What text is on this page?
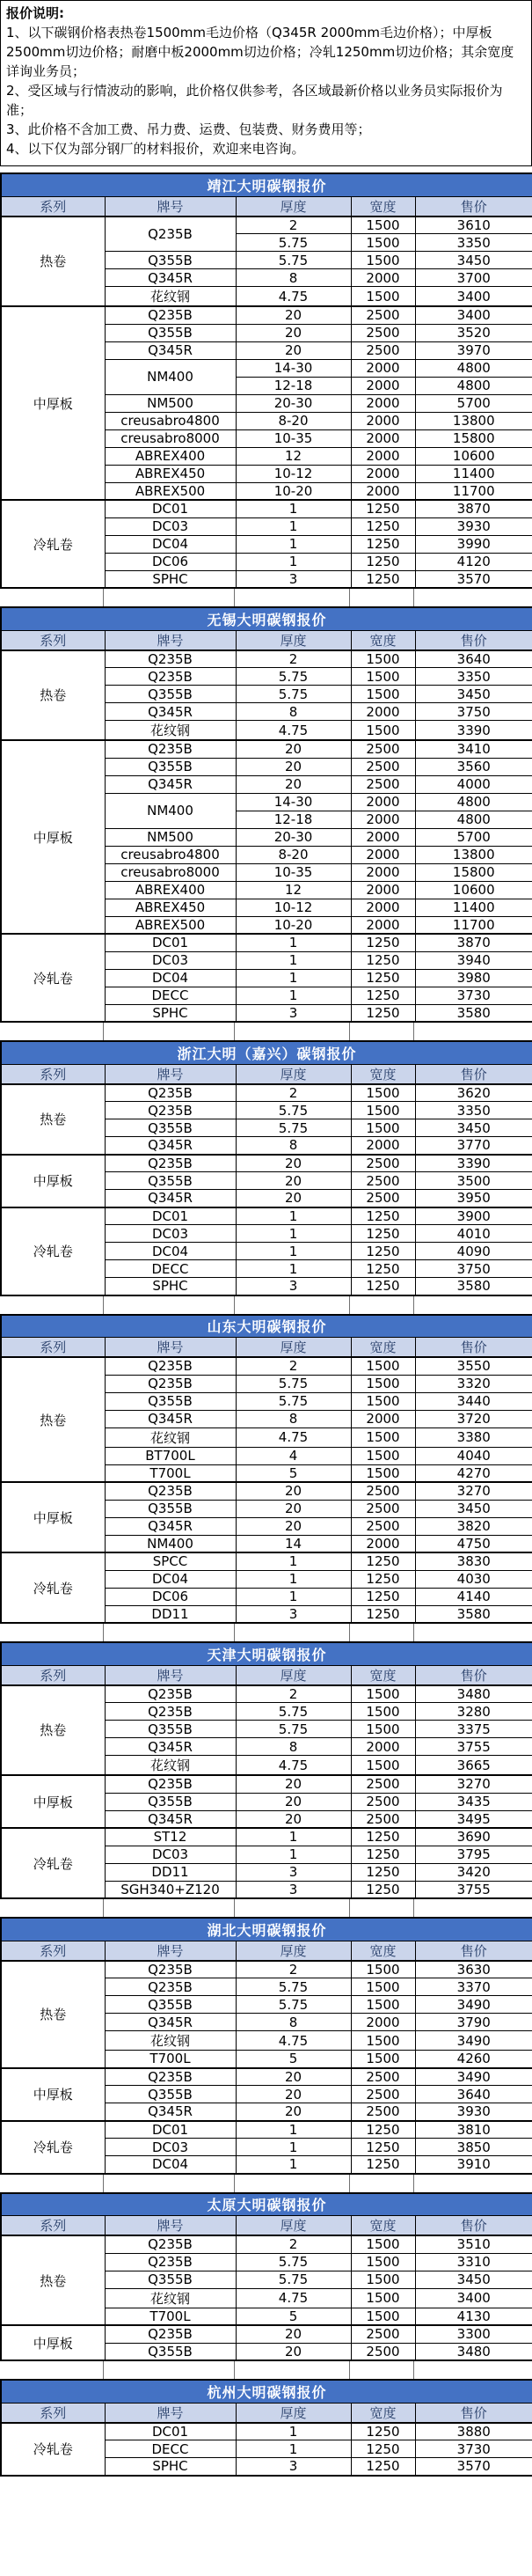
报价说明:
1、以下碳钢价格表热卷1500mm毛边价格（Q345R 2000mm毛边价格）；中厚板2500mm切边价格；耐磨中板2000mm切边价格；冷轧1250mm切边价格；其余宽度详询业务员；
2、受区域与行情波动的影响，此价格仅供参考，各区域最新价格以业务员实际报价为准；
3、此价格不含加工费、吊力费、运费、包装费、财务费用等；
4、以下仅为部分钢厂的材料报价，欢迎来电咨询。
靖江大明碳钢报价				
系列	牌号	厚度	宽度	售价
热卷	Q235B	2	1500	3610
		5.75	1500	3350
	Q355B	5.75	1500	3450
	Q345R	8	2000	3700
	花纹钢	4.75	1500	3400
中厚板	Q235B	20	2500	3400
	Q355B	20	2500	3520
	Q345R	20	2500	3970
	NM400	14-30	2000	4800
		12-18	2000	4800
	NM500	20-30	2000	5700
	creusabro4800	8-20	2000	13800
	creusabro8000	10-35	2000	15800
	ABREX400	12	2000	10600
	ABREX450	10-12	2000	11400
	ABREX500	10-20	2000	11700
冷轧卷	DC01	1	1250	3870
	DC03	1	1250	3930
	DC04	1	1250	3990
	DC06	1	1250	4120
	SPHC	3	1250	3570
无锡大明碳钢报价				
系列	牌号	厚度	宽度	售价
热卷	Q235B	2	1500	3640
	Q235B	5.75	1500	3350
	Q355B	5.75	1500	3450
	Q345R	8	2000	3750
	花纹钢	4.75	1500	3390
中厚板	Q235B	20	2500	3410
	Q355B	20	2500	3560
	Q345R	20	2500	4000
	NM400	14-30	2000	4800
		12-18	2000	4800
	NM500	20-30	2000	5700
	creusabro4800	8-20	2000	13800
	creusabro8000	10-35	2000	15800
	ABREX400	12	2000	10600
	ABREX450	10-12	2000	11400
	ABREX500	10-20	2000	11700
冷轧卷	DC01	1	1250	3870
	DC03	1	1250	3940
	DC04	1	1250	3980
	DECC	1	1250	3730
	SPHC	3	1250	3580
浙江大明（嘉兴）碳钢报价				
系列	牌号	厚度	宽度	售价
热卷	Q235B	2	1500	3620
	Q235B	5.75	1500	3350
	Q355B	5.75	1500	3450
	Q345R	8	2000	3770
中厚板	Q235B	20	2500	3390
	Q355B	20	2500	3500
	Q345R	20	2500	3950
冷轧卷	DC01	1	1250	3900
	DC03	1	1250	4010
	DC04	1	1250	4090
	DECC	1	1250	3750
	SPHC	3	1250	3580
山东大明碳钢报价				
系列	牌号	厚度	宽度	售价
热卷	Q235B	2	1500	3550
	Q235B	5.75	1500	3320
	Q355B	5.75	1500	3440
	Q345R	8	2000	3720
	花纹钢	4.75	1500	3380
	BT700L	4	1500	4040
	T700L	5	1500	4270
中厚板	Q235B	20	2500	3270
	Q355B	20	2500	3450
	Q345R	20	2500	3820
	NM400	14	2000	4750
冷轧卷	SPCC	1	1250	3830
	DC04	1	1250	4030
	DC06	1	1250	4140
	DD11	3	1250	3580
天津大明碳钢报价				
系列	牌号	厚度	宽度	售价
热卷	Q235B	2	1500	3480
	Q235B	5.75	1500	3280
	Q355B	5.75	1500	3375
	Q345R	8	2000	3755
	花纹钢	4.75	1500	3665
中厚板	Q235B	20	2500	3270
	Q355B	20	2500	3435
	Q345R	20	2500	3495
冷轧卷	ST12	1	1250	3690
	DC03	1	1250	3795
	DD11	3	1250	3420
	SGH340+Z120	3	1250	3755
湖北大明碳钢报价				
系列	牌号	厚度	宽度	售价
热卷	Q235B	2	1500	3630
	Q235B	5.75	1500	3370
	Q355B	5.75	1500	3490
	Q345R	8	2000	3790
	花纹钢	4.75	1500	3490
	T700L	5	1500	4260
中厚板	Q235B	20	2500	3490
	Q355B	20	2500	3640
	Q345R	20	2500	3930
冷轧卷	DC01	1	1250	3810
	DC03	1	1250	3850
	DC04	1	1250	3910
太原大明碳钢报价				
系列	牌号	厚度	宽度	售价
热卷	Q235B	2	1500	3510
	Q235B	5.75	1500	3310
	Q355B	5.75	1500	3450
	花纹钢	4.75	1500	3400
	T700L	5	1500	4130
中厚板	Q235B	20	2500	3300
	Q355B	20	2500	3480
杭州大明碳钢报价				
系列	牌号	厚度	宽度	售价
冷轧卷	DC01	1	1250	3880
	DECC	1	1250	3730
	SPHC	3	1250	3570
